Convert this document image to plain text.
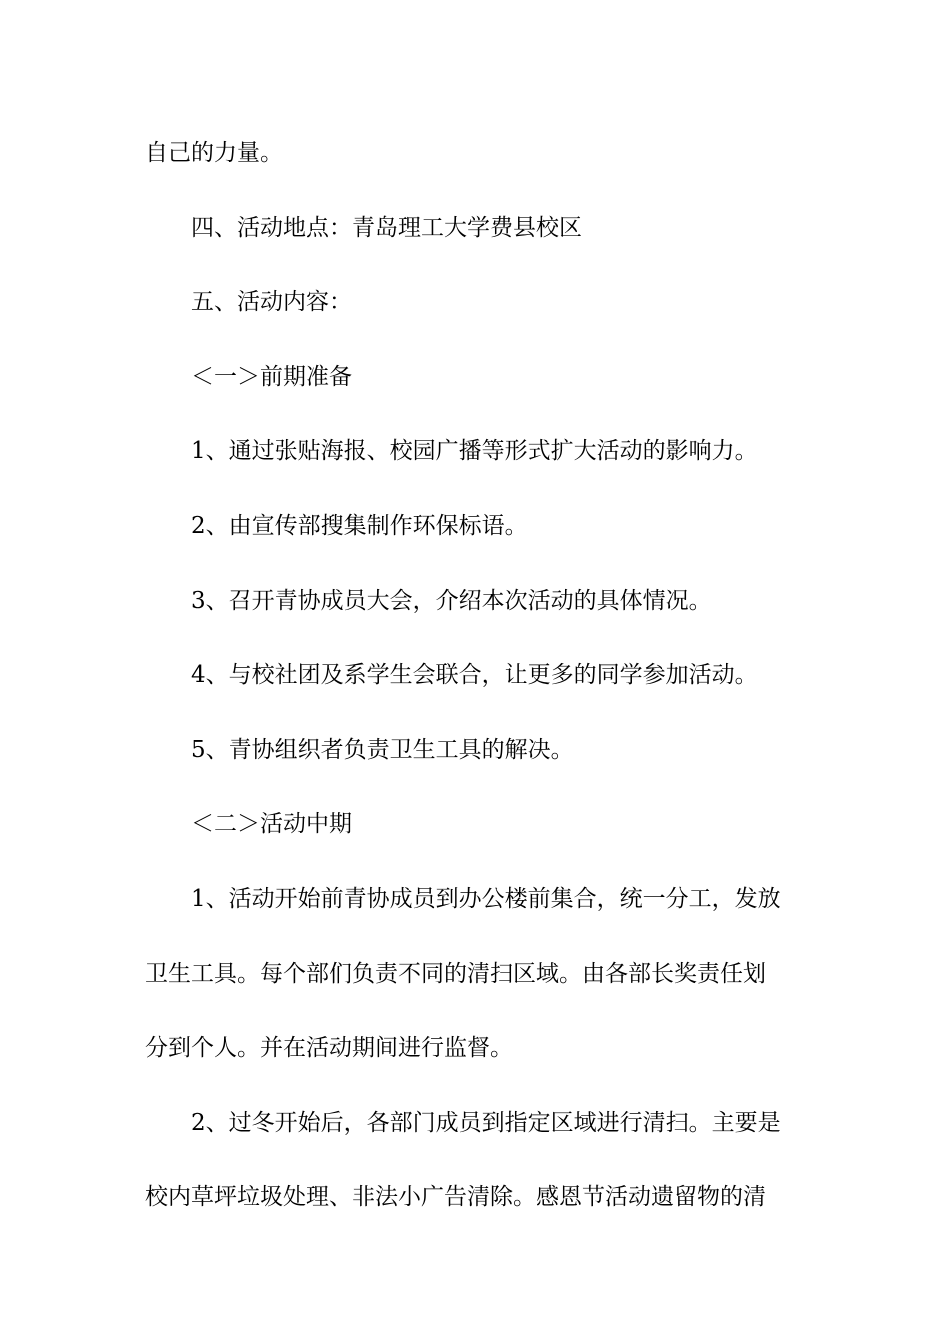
自己的力量。
四、活动地点：青岛理工大学费县校区
五、活动内容：
＜一＞前期准备
1、通过张贴海报、校园广播等形式扩大活动的影响力。
2、由宣传部搜集制作环保标语。
3、召开青协成员大会，介绍本次活动的具体情况。
4、与校社团及系学生会联合，让更多的同学参加活动。
5、青协组织者负责卫生工具的解决。
＜二＞活动中期
1、活动开始前青协成员到办公楼前集合，统一分工，发放
卫生工具。每个部们负责不同的清扫区域。由各部长奖责任划
分到个人。并在活动期间进行监督。
2、过冬开始后，各部门成员到指定区域进行清扫。主要是
校内草坪垃圾处理、非法小广告清除。感恩节活动遗留物的清
